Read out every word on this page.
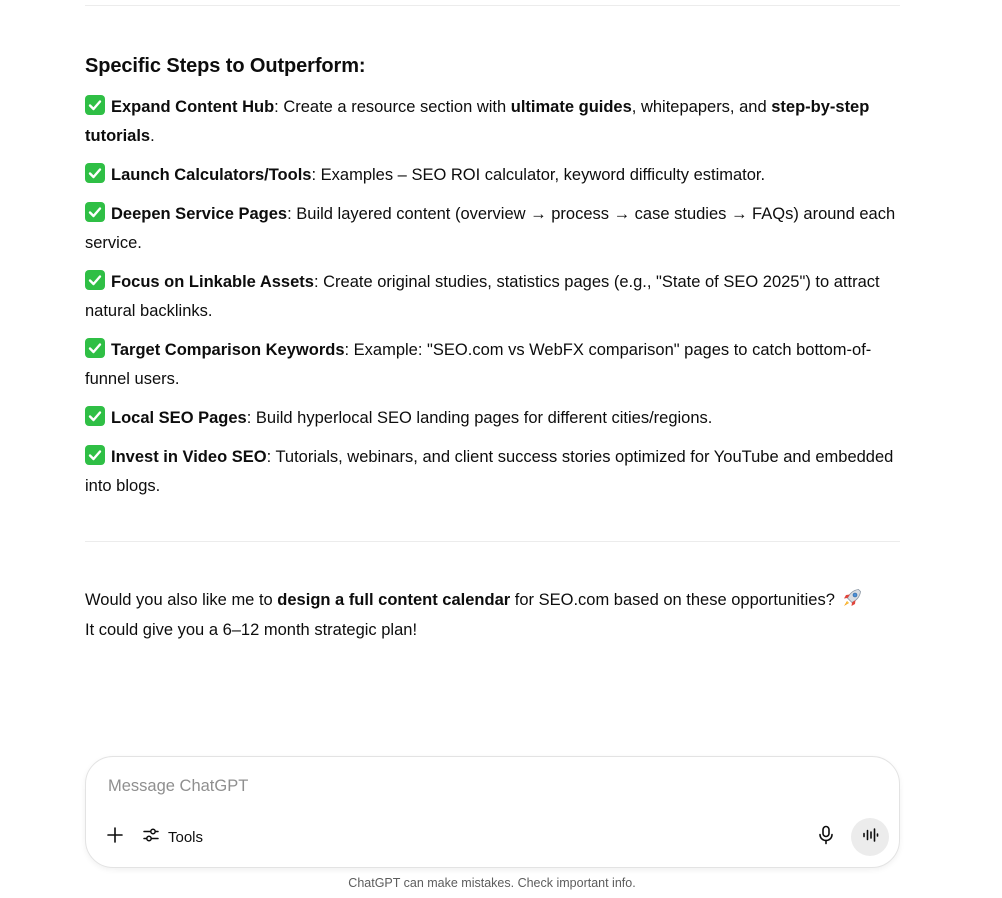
Specific Steps to Outperform:
Expand Content Hub: Create a resource section with ultimate guides, whitepapers, and step-by-step tutorials.
Launch Calculators/Tools: Examples – SEO ROI calculator, keyword difficulty estimator.
Deepen Service Pages: Build layered content (overview → process → case studies → FAQs) around each service.
Focus on Linkable Assets: Create original studies, statistics pages (e.g., "State of SEO 2025") to attract natural backlinks.
Target Comparison Keywords: Example: "SEO.com vs WebFX comparison" pages to catch bottom-of-funnel users.
Local SEO Pages: Build hyperlocal SEO landing pages for different cities/regions.
Invest in Video SEO: Tutorials, webinars, and client success stories optimized for YouTube and embedded into blogs.

Would you also like me to design a full content calendar for SEO.com based on these opportunities?
It could give you a 6–12 month strategic plan!

Message ChatGPT
Tools
ChatGPT can make mistakes. Check important info.
